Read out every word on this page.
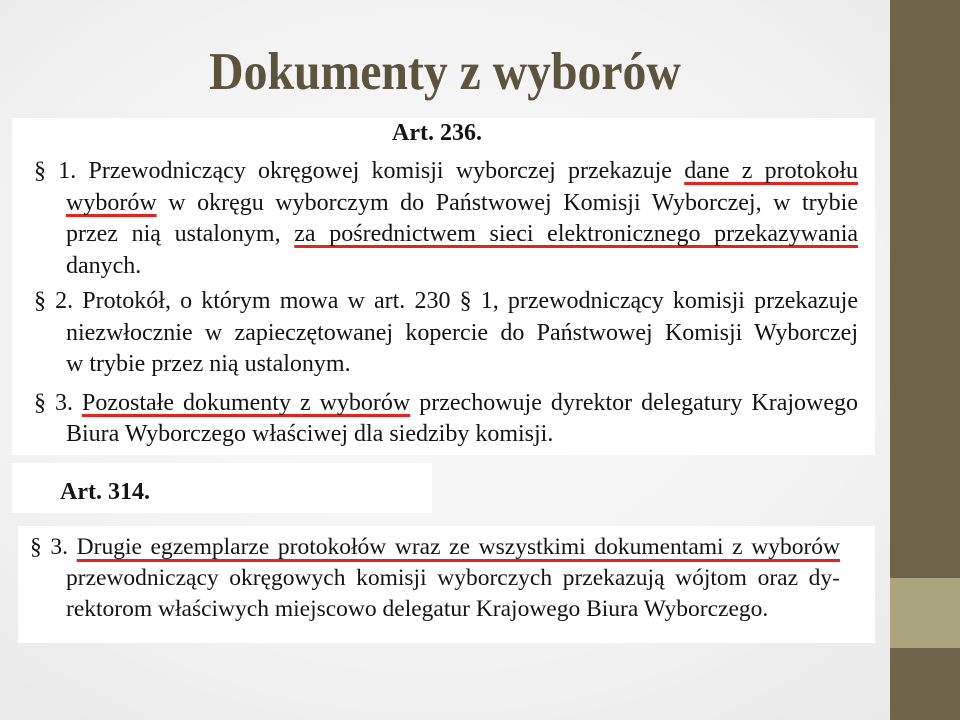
Dokumenty z wyborów
Art. 236.
§ 1. Przewodniczący okręgowej komisji wyborczej przekazuje dane z protokołu
wyborów w okręgu wyborczym do Państwowej Komisji Wyborczej, w trybie
przez nią ustalonym, za pośrednictwem sieci elektronicznego przekazywania
danych.
§ 2. Protokół, o którym mowa w art. 230 § 1, przewodniczący komisji przekazuje
niezwłocznie w zapieczętowanej kopercie do Państwowej Komisji Wyborczej
w trybie przez nią ustalonym.
§ 3. Pozostałe dokumenty z wyborów przechowuje dyrektor delegatury Krajowego
Biura Wyborczego właściwej dla siedziby komisji.
Art. 314.
§ 3. Drugie egzemplarze protokołów wraz ze wszystkimi dokumentami z wyborów
przewodniczący okręgowych komisji wyborczych przekazują wójtom oraz dy-
rektorom właściwych miejscowo delegatur Krajowego Biura Wyborczego.
